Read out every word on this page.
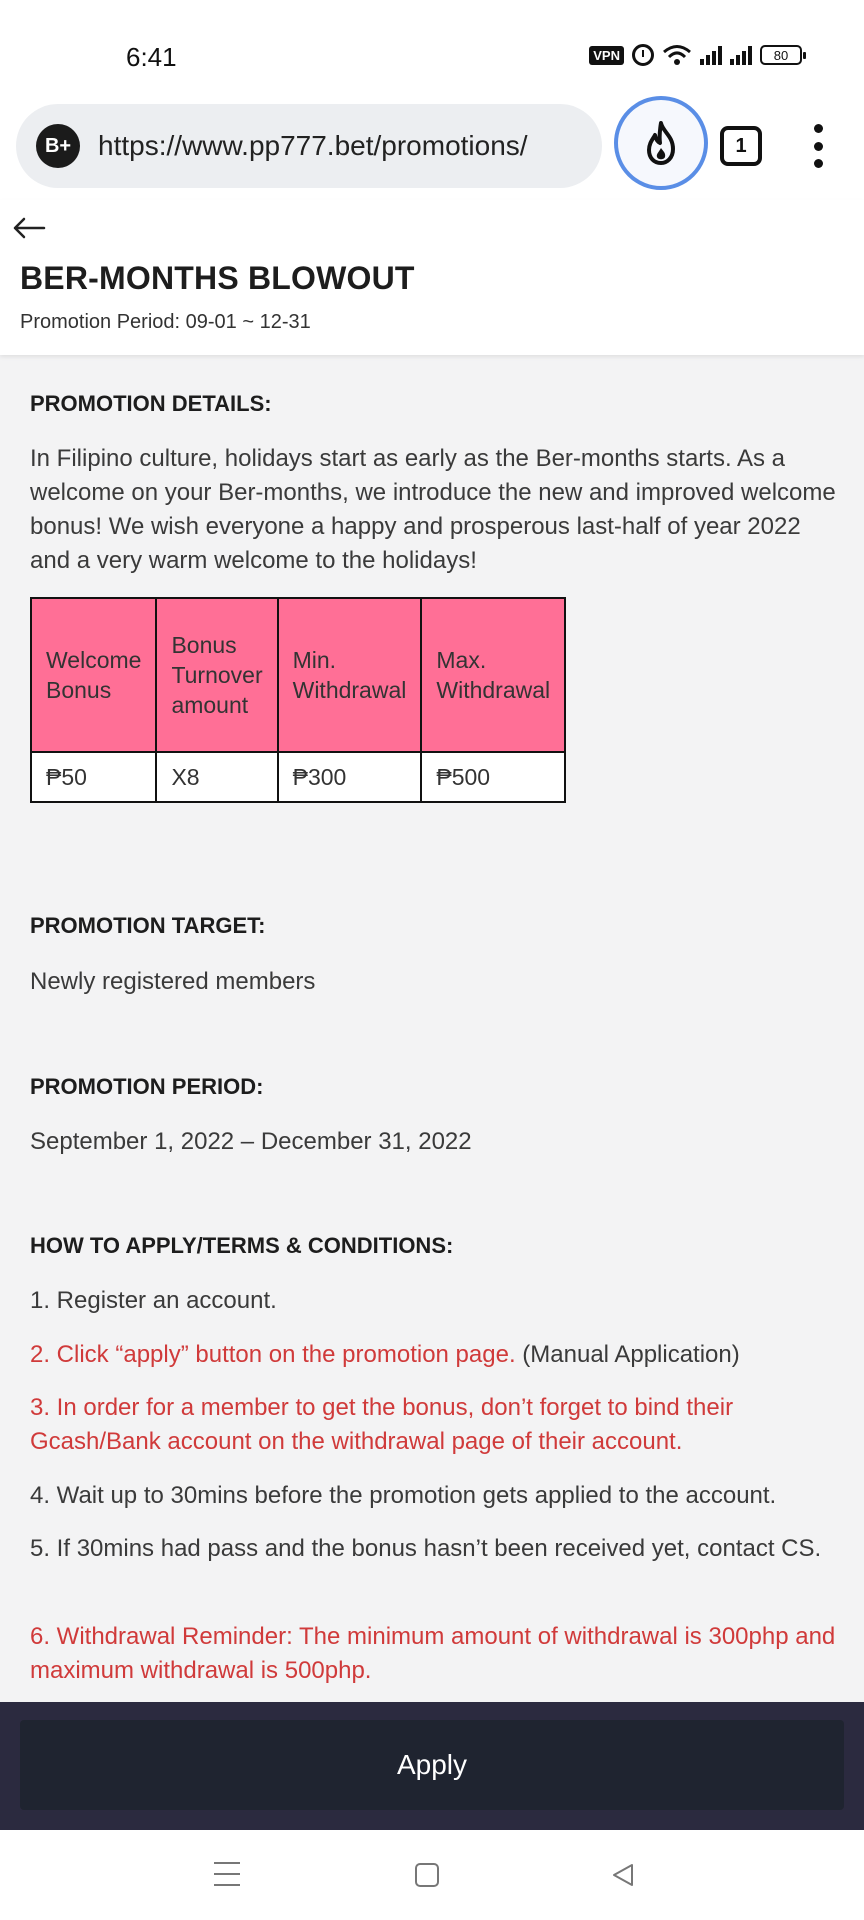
6:41	VPN	80
B+ https://www.pp777.bet/promotions/	1
BER-MONTHS BLOWOUT
Promotion Period: 09-01 ~ 12-31
PROMOTION DETAILS:
In Filipino culture, holidays start as early as the Ber-months starts. As a welcome on your Ber-months, we introduce the new and improved welcome bonus! We wish everyone a happy and prosperous last-half of year 2022 and a very warm welcome to the holidays!
Welcome Bonus	Bonus Turnover amount	Min. Withdrawal	Max. Withdrawal
₱50	X8	₱300	₱500
PROMOTION TARGET:
Newly registered members
PROMOTION PERIOD:
September 1, 2022 – December 31, 2022
HOW TO APPLY/TERMS & CONDITIONS:
1. Register an account.
2. Click “apply” button on the promotion page. (Manual Application)
3. In order for a member to get the bonus, don’t forget to bind their Gcash/Bank account on the withdrawal page of their account.
4. Wait up to 30mins before the promotion gets applied to the account.
5. If 30mins had pass and the bonus hasn’t been received yet, contact CS.
6. Withdrawal Reminder: The minimum amount of withdrawal is 300php and maximum withdrawal is 500php.
Apply
